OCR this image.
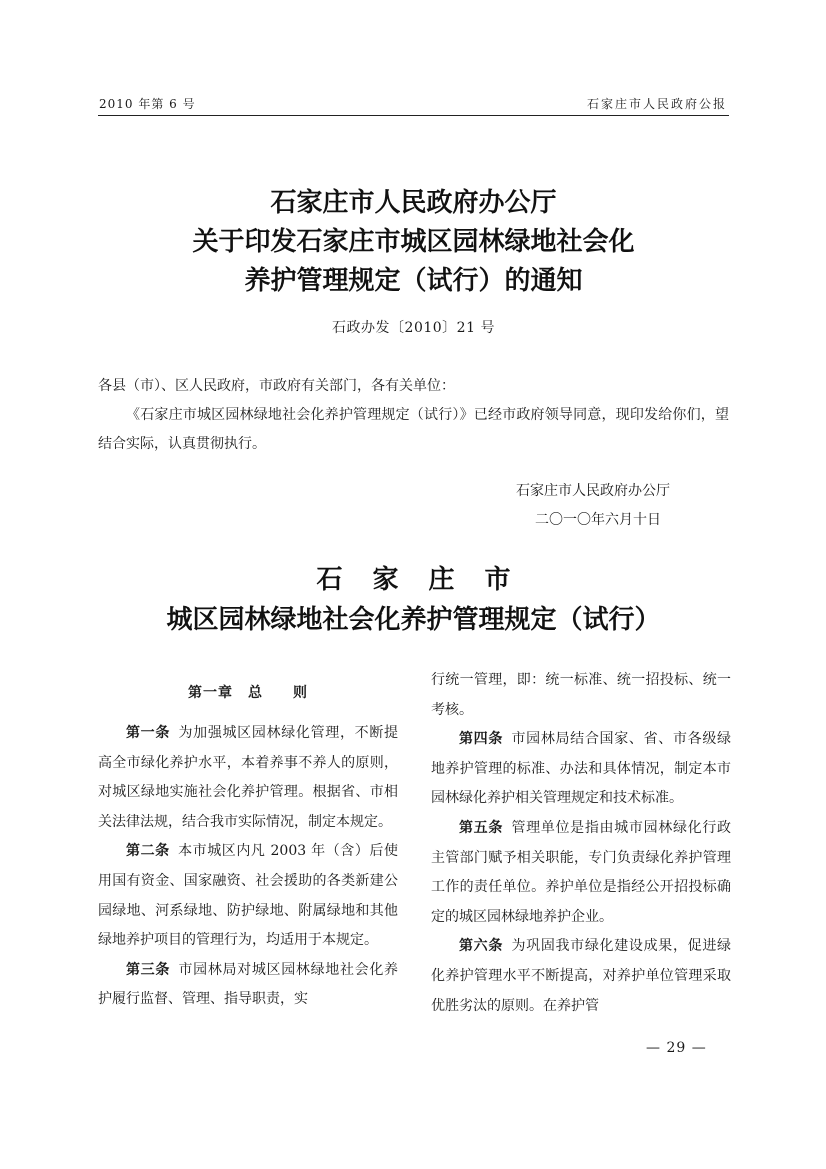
2010 年第 6 号	石家庄市人民政府公报
石家庄市人民政府办公厅
关于印发石家庄市城区园林绿地社会化
养护管理规定（试行）的通知
石政办发〔2010〕21 号
各县（市）、区人民政府，市政府有关部门，各有关单位：
《石家庄市城区园林绿地社会化养护管理规定（试行）》已经市政府领导同意，现印发给你们，望结合实际，认真贯彻执行。
石家庄市人民政府办公厅
二〇一〇年六月十日
石家庄市
城区园林绿地社会化养护管理规定（试行）
第一章　总　　则

第一条 为加强城区园林绿化管理，不断提高全市绿化养护水平，本着养事不养人的原则，对城区绿地实施社会化养护管理。根据省、市相关法律法规，结合我市实际情况，制定本规定。

第二条 本市城区内凡 2003 年（含）后使用国有资金、国家融资、社会援助的各类新建公园绿地、河系绿地、防护绿地、附属绿地和其他绿地养护项目的管理行为，均适用于本规定。

第三条 市园林局对城区园林绿地社会化养护履行监督、管理、指导职责，实

行统一管理，即：统一标准、统一招投标、统一考核。

第四条 市园林局结合国家、省、市各级绿地养护管理的标准、办法和具体情况，制定本市园林绿化养护相关管理规定和技术标准。

第五条 管理单位是指由城市园林绿化行政主管部门赋予相关职能，专门负责绿化养护管理工作的责任单位。养护单位是指经公开招投标确定的城区园林绿地养护企业。

第六条 为巩固我市绿化建设成果，促进绿化养护管理水平不断提高，对养护单位管理采取优胜劣汰的原则。在养护管

— 29 —
